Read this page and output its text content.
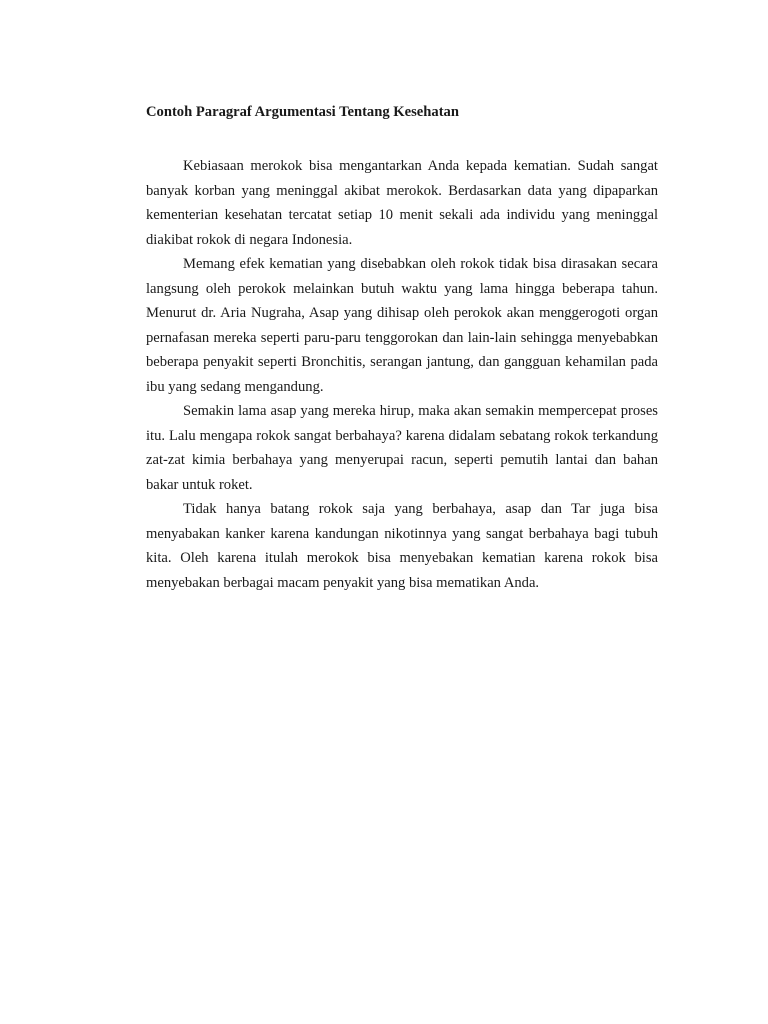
Contoh Paragraf Argumentasi Tentang Kesehatan

Kebiasaan merokok bisa mengantarkan Anda kepada kematian. Sudah sangat banyak korban yang meninggal akibat merokok. Berdasarkan data yang dipaparkan kementerian kesehatan tercatat setiap 10 menit sekali ada individu yang meninggal diakibat rokok di negara Indonesia.

Memang efek kematian yang disebabkan oleh rokok tidak bisa dirasakan secara langsung oleh perokok melainkan butuh waktu yang lama hingga beberapa tahun. Menurut dr. Aria Nugraha, Asap yang dihisap oleh perokok akan menggerogoti organ pernafasan mereka seperti paru-paru tenggorokan dan lain-lain sehingga menyebabkan beberapa penyakit seperti Bronchitis, serangan jantung, dan gangguan kehamilan pada ibu yang sedang mengandung.

Semakin lama asap yang mereka hirup, maka akan semakin mempercepat proses itu. Lalu mengapa rokok sangat berbahaya? karena didalam sebatang rokok terkandung zat-zat kimia berbahaya yang menyerupai racun, seperti pemutih lantai dan bahan bakar untuk roket.

Tidak hanya batang rokok saja yang berbahaya, asap dan Tar juga bisa menyabakan kanker karena kandungan nikotinnya yang sangat berbahaya bagi tubuh kita. Oleh karena itulah merokok bisa menyebakan kematian karena rokok bisa menyebakan berbagai macam penyakit yang bisa mematikan Anda.
